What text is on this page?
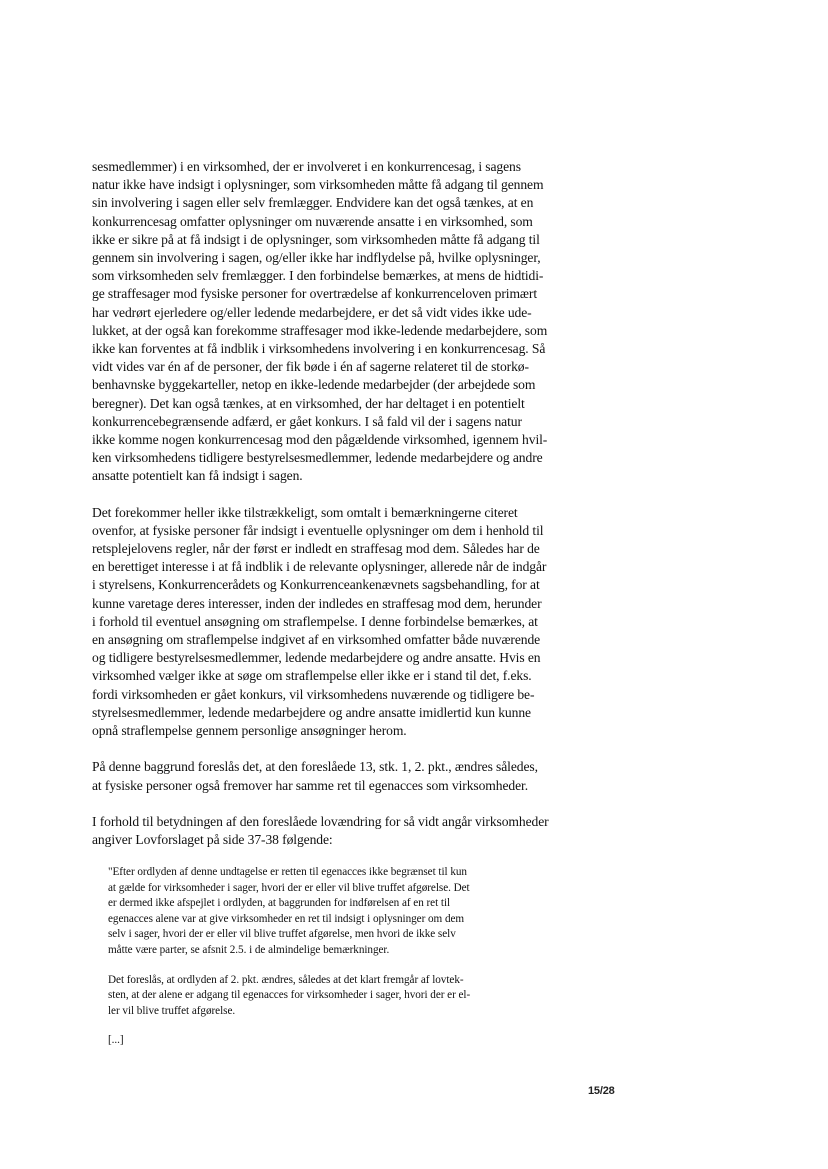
sesmedlemmer) i en virksomhed, der er involveret i en konkurrencesag, i sagens
natur ikke have indsigt i oplysninger, som virksomheden måtte få adgang til gennem
sin involvering i sagen eller selv fremlægger. Endvidere kan det også tænkes, at en
konkurrencesag omfatter oplysninger om nuværende ansatte i en virksomhed, som
ikke er sikre på at få indsigt i de oplysninger, som virksomheden måtte få adgang til
gennem sin involvering i sagen, og/eller ikke har indflydelse på, hvilke oplysninger,
som virksomheden selv fremlægger. I den forbindelse bemærkes, at mens de hidtidi-
ge straffesager mod fysiske personer for overtrædelse af konkurrenceloven primært
har vedrørt ejerledere og/eller ledende medarbejdere, er det så vidt vides ikke ude-
lukket, at der også kan forekomme straffesager mod ikke-ledende medarbejdere, som
ikke kan forventes at få indblik i virksomhedens involvering i en konkurrencesag. Så
vidt vides var én af de personer, der fik bøde i én af sagerne relateret til de storkø-
benhavnske byggekarteller, netop en ikke-ledende medarbejder (der arbejdede som
beregner). Det kan også tænkes, at en virksomhed, der har deltaget i en potentielt
konkurrencebegrænsende adfærd, er gået konkurs. I så fald vil der i sagens natur
ikke komme nogen konkurrencesag mod den pågældende virksomhed, igennem hvil-
ken virksomhedens tidligere bestyrelsesmedlemmer, ledende medarbejdere og andre
ansatte potentielt kan få indsigt i sagen.

Det forekommer heller ikke tilstrækkeligt, som omtalt i bemærkningerne citeret
ovenfor, at fysiske personer får indsigt i eventuelle oplysninger om dem i henhold til
retsplejelovens regler, når der først er indledt en straffesag mod dem. Således har de
en berettiget interesse i at få indblik i de relevante oplysninger, allerede når de indgår
i styrelsens, Konkurrencerådets og Konkurrenceankenævnets sagsbehandling, for at
kunne varetage deres interesser, inden der indledes en straffesag mod dem, herunder
i forhold til eventuel ansøgning om straflempelse. I denne forbindelse bemærkes, at
en ansøgning om straflempelse indgivet af en virksomhed omfatter både nuværende
og tidligere bestyrelsesmedlemmer, ledende medarbejdere og andre ansatte. Hvis en
virksomhed vælger ikke at søge om straflempelse eller ikke er i stand til det, f.eks.
fordi virksomheden er gået konkurs, vil virksomhedens nuværende og tidligere be-
styrelsesmedlemmer, ledende medarbejdere og andre ansatte imidlertid kun kunne
opnå straflempelse gennem personlige ansøgninger herom.

På denne baggrund foreslås det, at den foreslåede 13, stk. 1, 2. pkt., ændres således,
at fysiske personer også fremover har samme ret til egenacces som virksomheder.

I forhold til betydningen af den foreslåede lovændring for så vidt angår virksomheder
angiver Lovforslaget på side 37-38 følgende:

"Efter ordlyden af denne undtagelse er retten til egenacces ikke begrænset til kun
at gælde for virksomheder i sager, hvori der er eller vil blive truffet afgørelse. Det
er dermed ikke afspejlet i ordlyden, at baggrunden for indførelsen af en ret til
egenacces alene var at give virksomheder en ret til indsigt i oplysninger om dem
selv i sager, hvori der er eller vil blive truffet afgørelse, men hvori de ikke selv
måtte være parter, se afsnit 2.5. i de almindelige bemærkninger.

Det foreslås, at ordlyden af 2. pkt. ændres, således at det klart fremgår af lovtek-
sten, at der alene er adgang til egenacces for virksomheder i sager, hvori der er el-
ler vil blive truffet afgørelse.

[...]

15/28
